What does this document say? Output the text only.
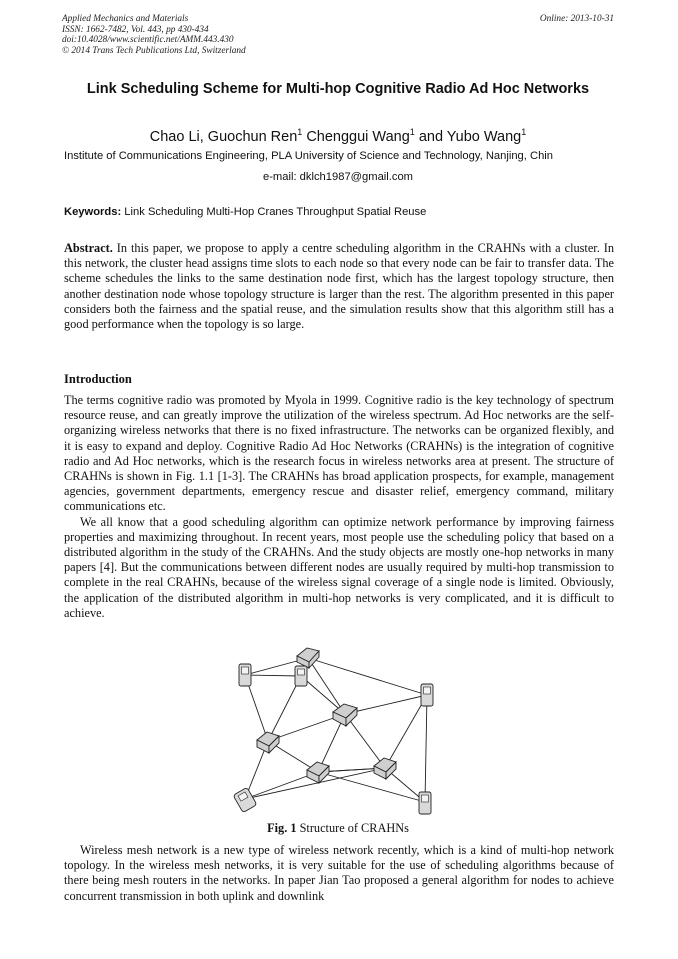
Applied Mechanics and Materials
ISSN: 1662-7482, Vol. 443, pp 430-434
doi:10.4028/www.scientific.net/AMM.443.430
© 2014 Trans Tech Publications Ltd, Switzerland
Online: 2013-10-31
Link Scheduling Scheme for Multi-hop Cognitive Radio Ad Hoc Networks
Chao Li, Guochun Ren$^1$ Chenggui Wang$^1$ and Yubo Wang$^1$
Institute of Communications Engineering, PLA University of Science and Technology, Nanjing, Chin
e-mail: dklch1987@gmail.com
Keywords: Link Scheduling Multi-Hop Cranes Throughput Spatial Reuse
Abstract. In this paper, we propose to apply a centre scheduling algorithm in the CRAHNs with a cluster. In this network, the cluster head assigns time slots to each node so that every node can be fair to transfer data. The scheme schedules the links to the same destination node first, which has the largest topology structure, then another destination node whose topology structure is larger than the rest. The algorithm presented in this paper considers both the fairness and the spatial reuse, and the simulation results show that this algorithm still has a good performance when the topology is so large.
Introduction

The terms cognitive radio was promoted by Myola in 1999. Cognitive radio is the key technology of spectrum resource reuse, and can greatly improve the utilization of the wireless spectrum. Ad Hoc networks are the self-organizing wireless networks that there is no fixed infrastructure. The networks can be organized flexibly, and it is easy to expand and deploy. Cognitive Radio Ad Hoc Networks (CRAHNs) is the integration of cognitive radio and Ad Hoc networks, which is the research focus in wireless networks area at present. The structure of CRAHNs is shown in Fig. 1.1 [1-3]. The CRAHNs has broad application prospects, for example, management agencies, government departments, emergency rescue and disaster relief, emergency command, military communications etc.

We all know that a good scheduling algorithm can optimize network performance by improving fairness properties and maximizing throughout. In recent years, most people use the scheduling policy that based on a distributed algorithm in the study of the CRAHNs. And the study objects are mostly one-hop networks in many papers [4]. But the communications between different nodes are usually required by multi-hop transmission to complete in the real CRAHNs, because of the wireless signal coverage of a single node is limited. Obviously, the application of the distributed algorithm in multi-hop networks is very complicated, and it is difficult to achieve.

Fig. 1 Structure of CRAHNs

Wireless mesh network is a new type of wireless network recently, which is a kind of multi-hop network topology. In the wireless mesh networks, it is very suitable for the use of scheduling algorithms because of there being mesh routers in the networks. In paper Jian Tao proposed a general algorithm for nodes to achieve concurrent transmission in both uplink and downlink
